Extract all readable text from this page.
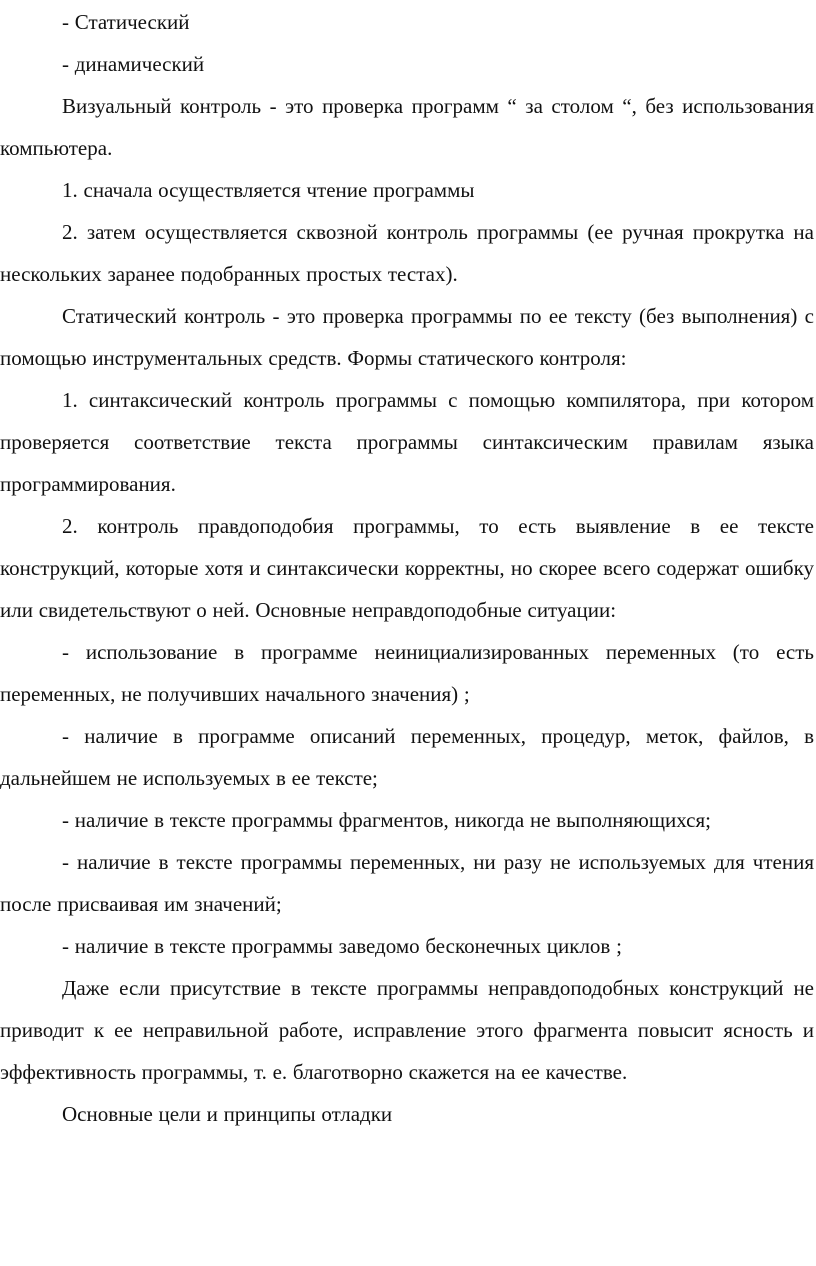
- Статический

- динамический

Визуальный контроль - это проверка программ “ за столом “, без использования компьютера.

1. сначала осуществляется чтение программы

2. затем осуществляется сквозной контроль программы (ее ручная прокрутка на нескольких заранее подобранных простых тестах).

Статический контроль - это проверка программы по ее тексту (без выполнения) с помощью инструментальных средств. Формы статического контроля:

1. синтаксический контроль программы с помощью компилятора, при котором проверяется соответствие текста программы синтаксическим правилам языка программирования.

2. контроль правдоподобия программы, то есть выявление в ее тексте конструкций, которые хотя и синтаксически корректны, но скорее всего содержат ошибку или свидетельствуют о ней. Основные неправдоподобные ситуации:

- использование в программе неинициализированных переменных (то есть переменных, не получивших начального значения) ;

- наличие в программе описаний переменных, процедур, меток, файлов, в дальнейшем не используемых в ее тексте;

- наличие в тексте программы фрагментов, никогда не выполняющихся;

- наличие в тексте программы переменных, ни разу не используемых для чтения после присваивая им значений;

- наличие в тексте программы заведомо бесконечных циклов ;

Даже если присутствие в тексте программы неправдоподобных конструкций не приводит к ее неправильной работе, исправление этого фрагмента повысит ясность и эффективность программы, т. е. благотворно скажется на ее качестве.

Основные цели и принципы отладки
